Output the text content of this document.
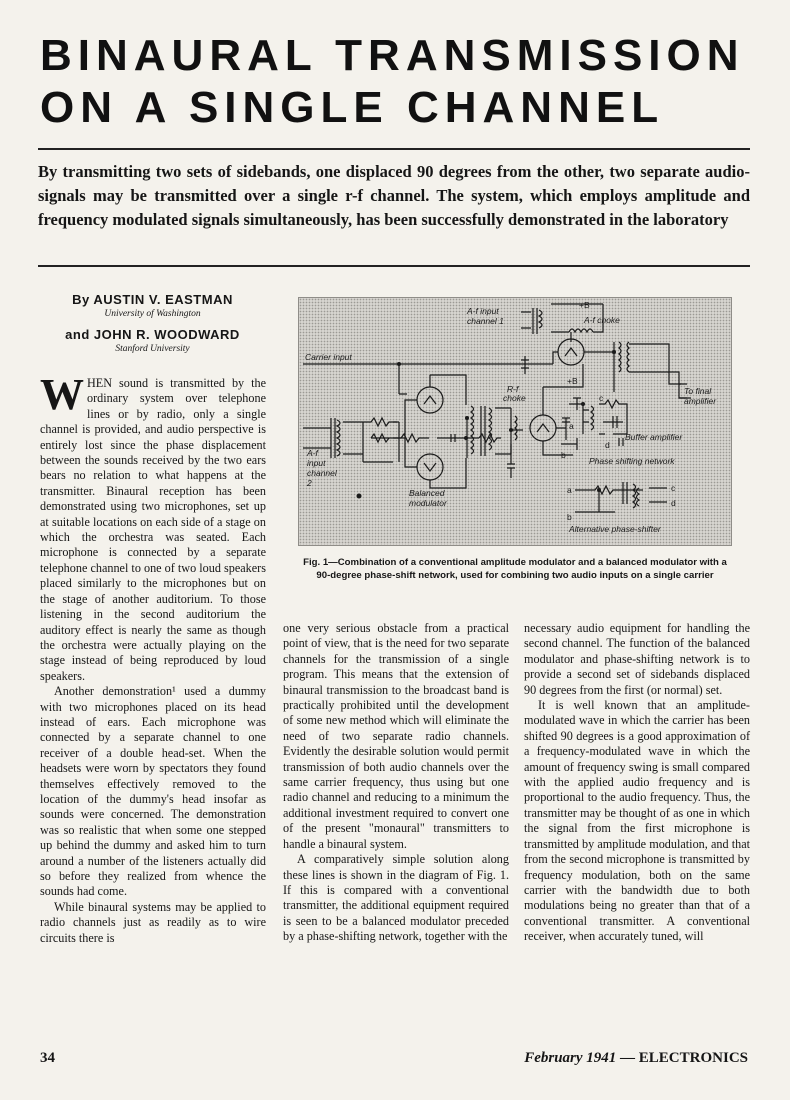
BINAURAL TRANSMISSION
ON A SINGLE CHANNEL

By transmitting two sets of sidebands, one displaced 90 degrees from the other, two separate audio-signals may be transmitted over a single r-f channel. The system, which employs amplitude and frequency modulated signals simultaneously, has been successfully demonstrated in the laboratory

By AUSTIN V. EASTMAN

University of Washington

and JOHN R. WOODWARD

Stanford University

WHEN sound is transmitted by the ordinary system over telephone lines or by radio, only a single channel is provided, and audio perspective is entirely lost since the phase displacement between the sounds received by the two ears bears no relation to what happens at the transmitter. Binaural reception has been demonstrated using two microphones, set up at suitable locations on each side of a stage on which the orchestra was seated. Each microphone is connected by a separate telephone channel to one of two loud speakers placed similarly to the microphones but on the stage of another auditorium. To those listening in the second auditorium the auditory effect is nearly the same as though the orchestra were actually playing on the stage instead of being reproduced by loud speakers.

Another demonstration¹ used a dummy with two microphones placed on its head instead of ears. Each microphone was connected by a separate channel to one receiver of a double head-set. When the headsets were worn by spectators they found themselves effectively removed to the location of the dummy's head insofar as sounds were concerned. The demonstration was so realistic that when some one stepped up behind the dummy and asked him to turn around a number of the listeners actually did so before they realized from whence the sounds had come.

While binaural systems may be applied to radio channels just as readily as to wire circuits there is

A-f input
channel 1
+B
A-f choke
Carrier input
+B
R-f
choke
To final
amplifier
Buffer amplifier
Phase shifting network
A-f
input
channel
2
Balanced
modulator
a
b
c
d
a
b
c
d
Alternative phase-shifter

Fig. 1—Combination of a conventional amplitude modulator and a balanced modulator with a 90-degree phase-shift network, used for combining two audio inputs on a single carrier

one very serious obstacle from a practical point of view, that is the need for two separate channels for the transmission of a single program. This means that the extension of binaural transmission to the broadcast band is practically prohibited until the development of some new method which will eliminate the need of two separate radio channels. Evidently the desirable solution would permit transmission of both audio channels over the same carrier frequency, thus using but one radio channel and reducing to a minimum the additional investment required to convert one of the present "monaural" transmitters to handle a binaural system.

A comparatively simple solution along these lines is shown in the diagram of Fig. 1. If this is compared with a conventional transmitter, the additional equipment required is seen to be a balanced modulator preceded by a phase-shifting network, together with the

necessary audio equipment for handling the second channel. The function of the balanced modulator and phase-shifting network is to provide a second set of sidebands displaced 90 degrees from the first (or normal) set.

It is well known that an amplitude-modulated wave in which the carrier has been shifted 90 degrees is a good approximation of a frequency-modulated wave in which the amount of frequency swing is small compared with the applied audio frequency and is proportional to the audio frequency. Thus, the transmitter may be thought of as one in which the signal from the first microphone is transmitted by amplitude modulation, and that from the second microphone is transmitted by frequency modulation, both on the same carrier with the bandwidth due to both modulations being no greater than that of a conventional transmitter. A conventional receiver, when accurately tuned, will

34	February 1941 — ELECTRONICS
